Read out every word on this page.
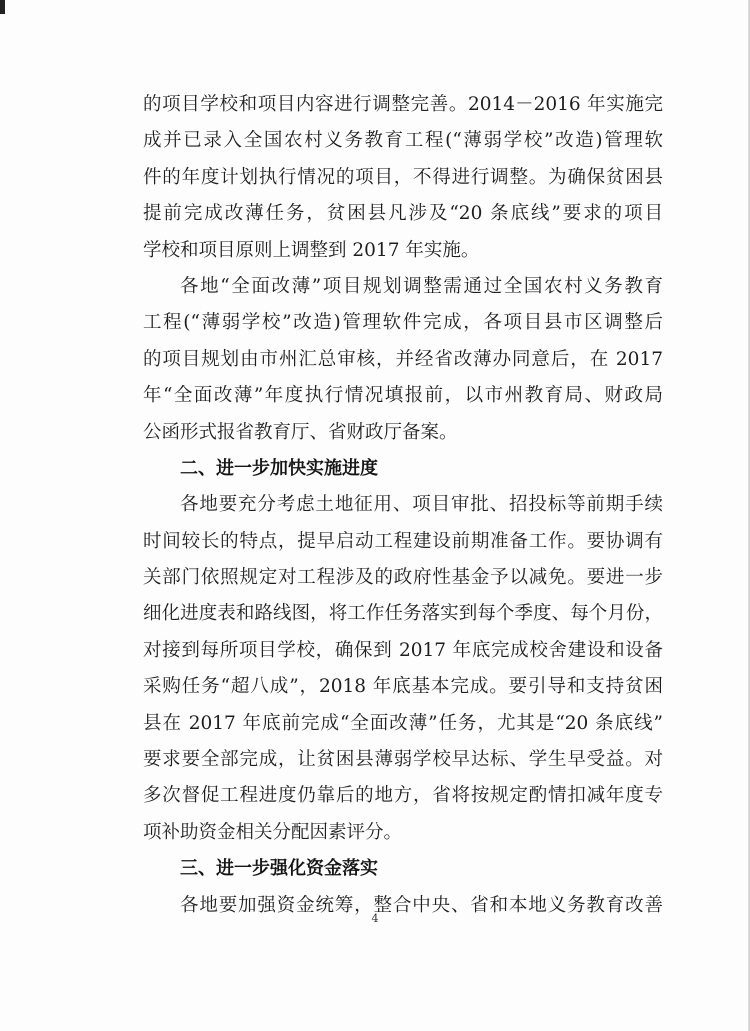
的项目学校和项目内容进行调整完善。2014－2016 年实施完
成并已录入全国农村义务教育工程(“薄弱学校”改造)管理软
件的年度计划执行情况的项目，不得进行调整。为确保贫困县
提前完成改薄任务，贫困县凡涉及“20 条底线”要求的项目
学校和项目原则上调整到 2017 年实施。
各地“全面改薄”项目规划调整需通过全国农村义务教育
工程(“薄弱学校”改造)管理软件完成，各项目县市区调整后
的项目规划由市州汇总审核，并经省改薄办同意后，在 2017
年“全面改薄”年度执行情况填报前，以市州教育局、财政局
公函形式报省教育厅、省财政厅备案。
二、进一步加快实施进度
各地要充分考虑土地征用、项目审批、招投标等前期手续
时间较长的特点，提早启动工程建设前期准备工作。要协调有
关部门依照规定对工程涉及的政府性基金予以减免。要进一步
细化进度表和路线图，将工作任务落实到每个季度、每个月份，
对接到每所项目学校，确保到 2017 年底完成校舍建设和设备
采购任务“超八成”，2018 年底基本完成。要引导和支持贫困
县在 2017 年底前完成“全面改薄”任务，尤其是“20 条底线”
要求要全部完成，让贫困县薄弱学校早达标、学生早受益。对
多次督促工程进度仍靠后的地方，省将按规定酌情扣减年度专
项补助资金相关分配因素评分。
三、进一步强化资金落实
各地要加强资金统筹，整合中央、省和本地义务教育改善
4
